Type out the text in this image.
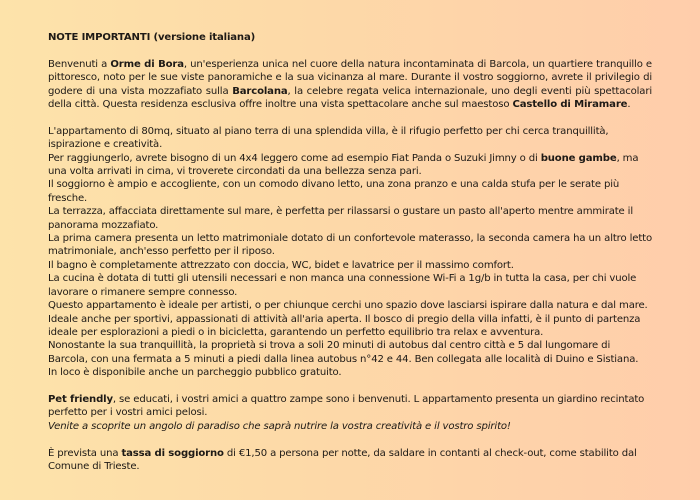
NOTE IMPORTANTI (versione italiana)
Benvenuti a Orme di Bora, un'esperienza unica nel cuore della natura incontaminata di Barcola, un quartiere tranquillo e pittoresco, noto per le sue viste panoramiche e la sua vicinanza al mare. Durante il vostro soggiorno, avrete il privilegio di godere di una vista mozzafiato sulla Barcolana, la celebre regata velica internazionale, uno degli eventi più spettacolari della città. Questa residenza esclusiva offre inoltre una vista spettacolare anche sul maestoso Castello di Miramare.
L'appartamento di 80mq, situato al piano terra di una splendida villa, è il rifugio perfetto per chi cerca tranquillità, ispirazione e creatività.
Per raggiungerlo, avrete bisogno di un 4x4 leggero come ad esempio Fiat Panda o Suzuki Jimny o di buone gambe, ma una volta arrivati in cima, vi troverete circondati da una bellezza senza pari.
Il soggiorno è ampio e accogliente, con un comodo divano letto, una zona pranzo e una calda stufa per le serate più fresche.
La terrazza, affacciata direttamente sul mare, è perfetta per rilassarsi o gustare un pasto all'aperto mentre ammirate il panorama mozzafiato.
La prima camera presenta un letto matrimoniale dotato di un confortevole materasso, la seconda camera ha un altro letto matrimoniale, anch'esso perfetto per il riposo.
Il bagno è completamente attrezzato con doccia, WC, bidet e lavatrice per il massimo comfort.
La cucina è dotata di tutti gli utensili necessari e non manca una connessione Wi-Fi a 1g/b in tutta la casa, per chi vuole lavorare o rimanere sempre connesso.
Questo appartamento è ideale per artisti, o per chiunque cerchi uno spazio dove lasciarsi ispirare dalla natura e dal mare.
Ideale anche per sportivi, appassionati di attività all'aria aperta. Il bosco di pregio della villa infatti, è il punto di partenza ideale per esplorazioni a piedi o in bicicletta, garantendo un perfetto equilibrio tra relax e avventura.
Nonostante la sua tranquillità, la proprietà si trova a soli 20 minuti di autobus dal centro città e 5 dal lungomare di Barcola, con una fermata a 5 minuti a piedi dalla linea autobus n°42 e 44. Ben collegata alle località di Duino e Sistiana.
In loco è disponibile anche un parcheggio pubblico gratuito.
Pet friendly, se educati, i vostri amici a quattro zampe sono i benvenuti. L appartamento presenta un giardino recintato perfetto per i vostri amici pelosi.
Venite a scoprite un angolo di paradiso che saprà nutrire la vostra creatività e il vostro spirito!
È prevista una tassa di soggiorno di €1,50 a persona per notte, da saldare in contanti al check-out, come stabilito dal Comune di Trieste.
